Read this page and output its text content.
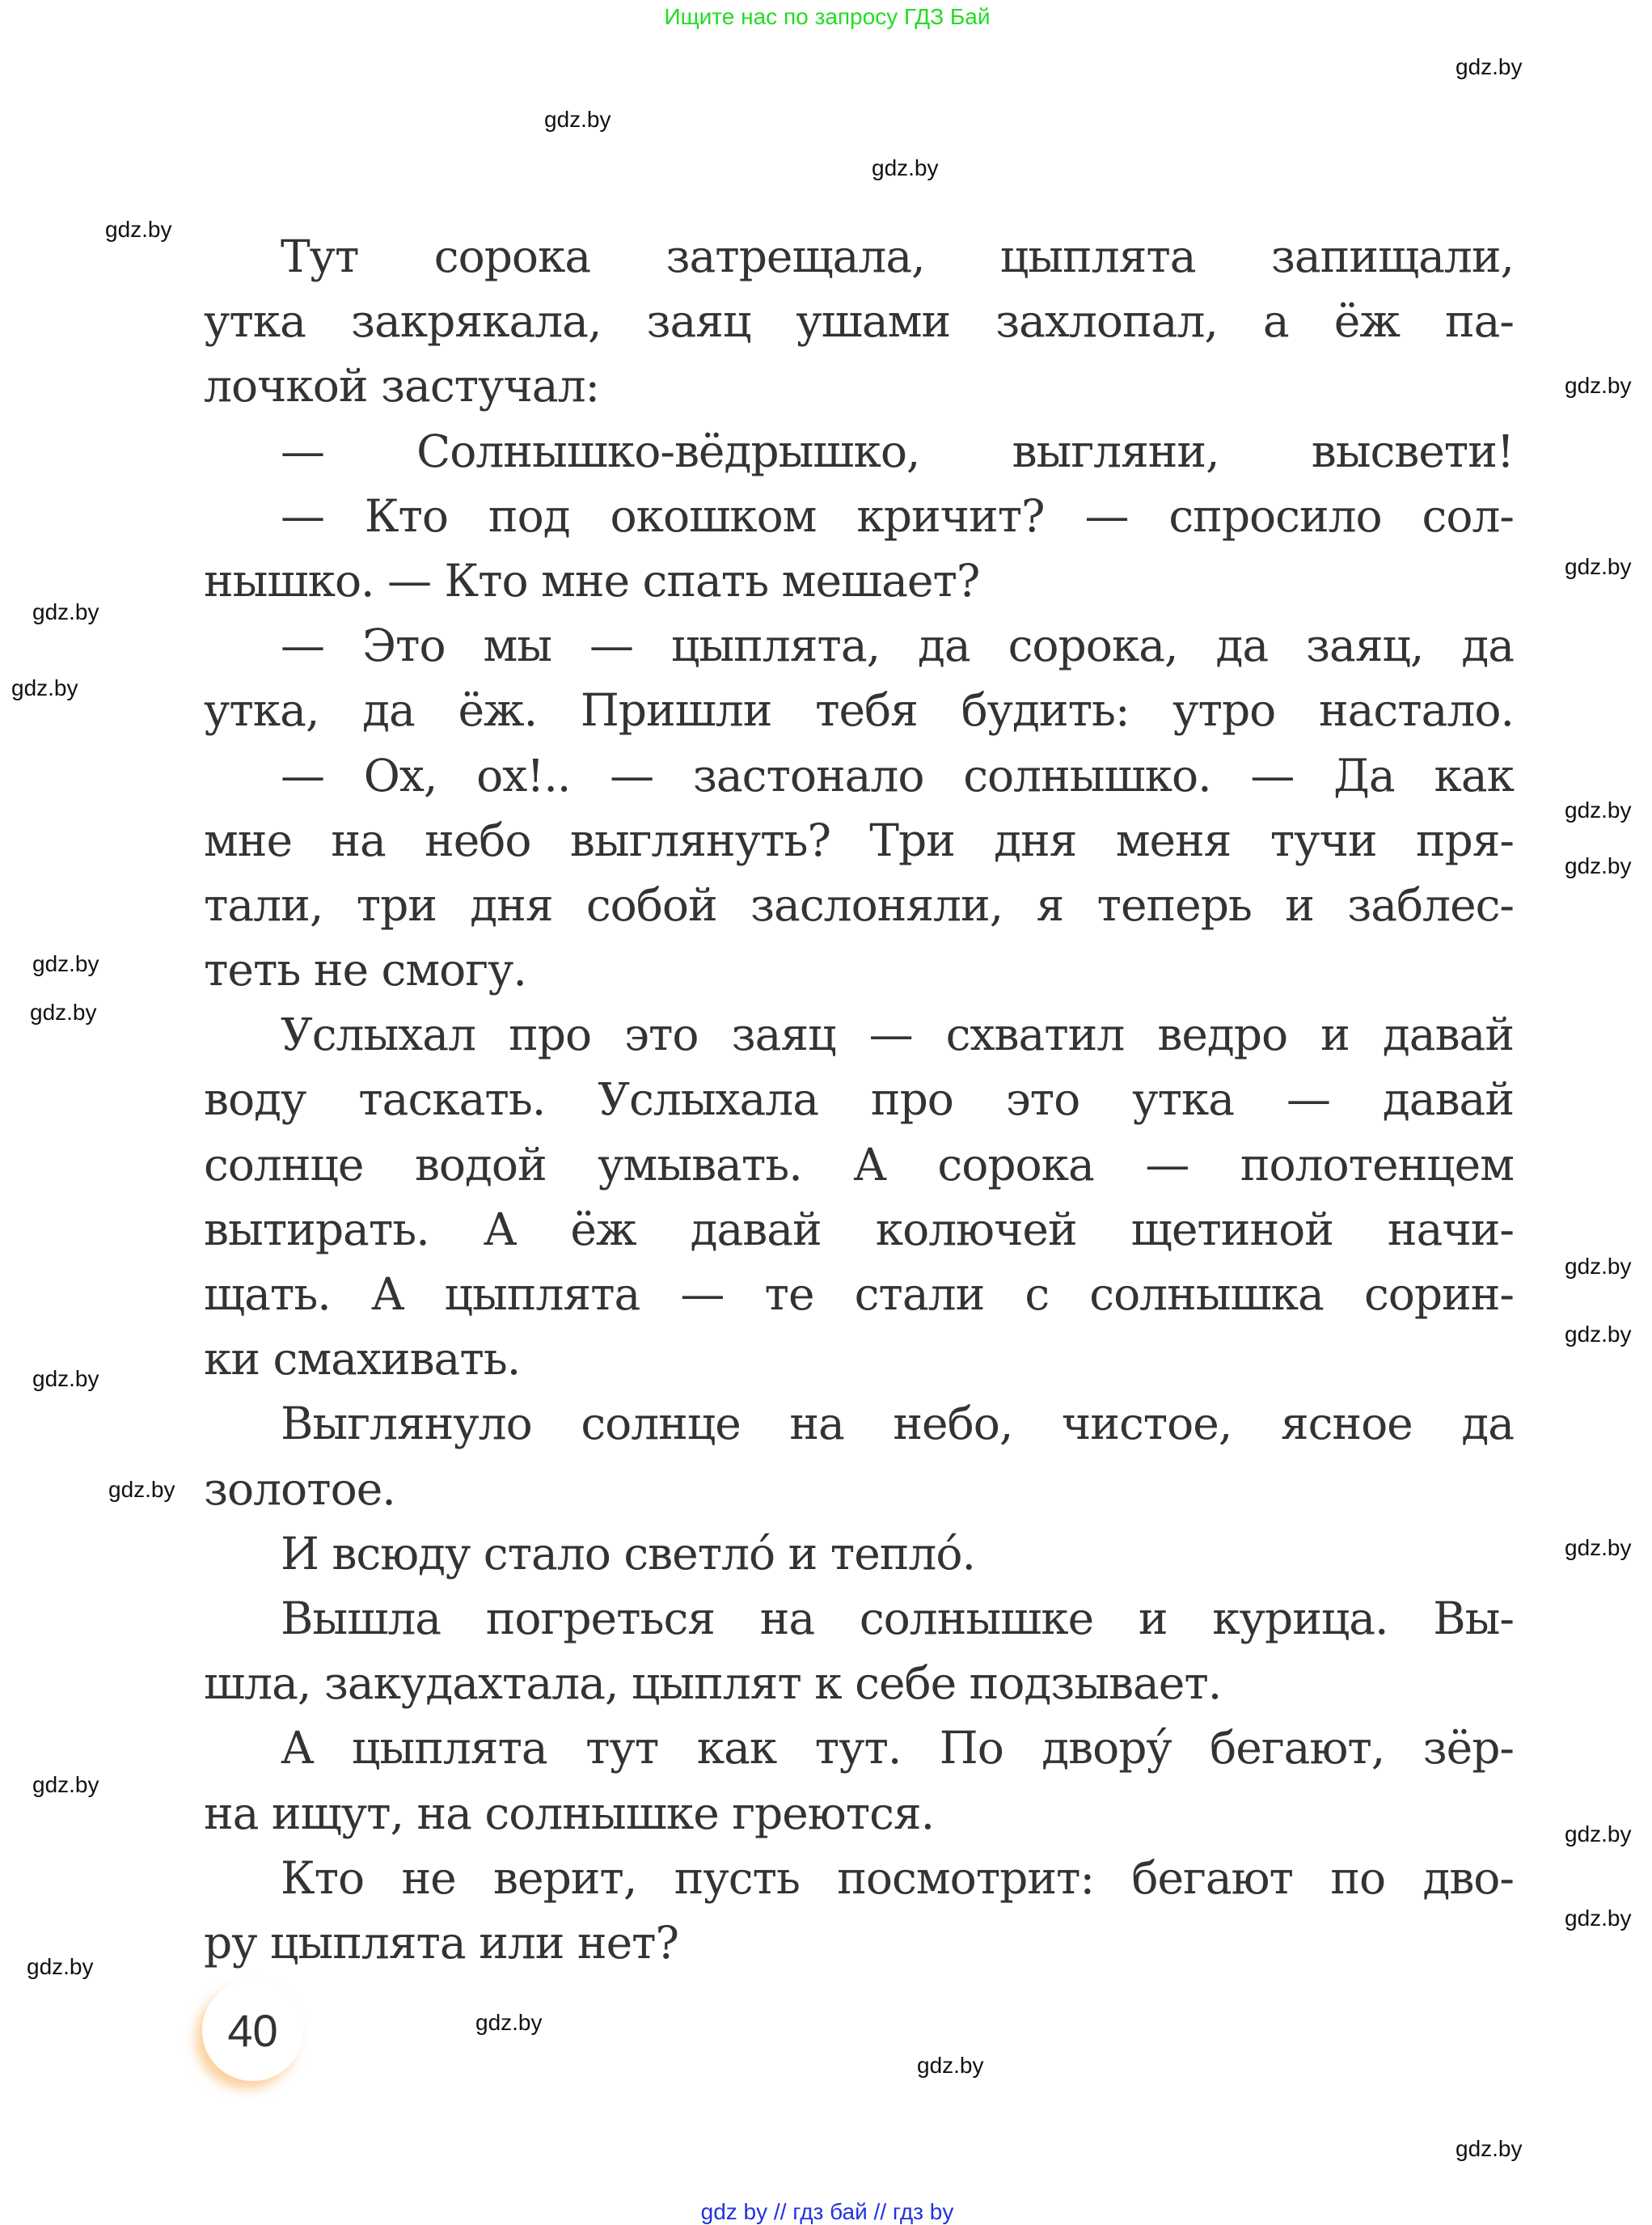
Ищите нас по запросу ГДЗ Бай
Тут сорока затрещала, цыплята запищали,
утка закрякала, заяц ушами захлопал, а ёж па-
лочкой застучал:
— Солнышко-вёдрышко, выгляни, высвети!
— Кто под окошком кричит? — спросило сол-
нышко. — Кто мне спать мешает?
— Это мы — цыплята, да сорока, да заяц, да
утка, да ёж. Пришли тебя будить: утро настало.
— Ох, ох!.. — застонало солнышко. — Да как
мне на небо выглянуть? Три дня меня тучи пря-
тали, три дня собой заслоняли, я теперь и заблес-
теть не смогу.
Услыхал про это заяц — схватил ведро и давай
воду таскать. Услыхала про это утка — давай
солнце водой умывать. А сорока — полотенцем
вытирать. А ёж давай колючей щетиной начи-
щать. А цыплята — те стали с солнышка сорин-
ки смахивать.
Выглянуло солнце на небо, чистое, ясное да
золотое.
И всюду стало светло́ и тепло́.
Вышла погреться на солнышке и курица. Вы-
шла, закудахтала, цыплят к себе подзывает.
А цыплята тут как тут. По двору́ бегают, зёр-
на ищут, на солнышке греются.
Кто не верит, пусть посмотрит: бегают по дво-
ру цыплята или нет?
40
gdz.by
gdz.by
gdz.by
gdz.by
gdz.by
gdz.by
gdz.by
gdz.by
gdz.by
gdz.by
gdz.by
gdz.by
gdz.by
gdz.by
gdz.by
gdz.by
gdz.by
gdz.by
gdz.by
gdz.by
gdz.by
gdz.by
gdz.by
gdz.by
gdz by // гдз бай // гдз by
